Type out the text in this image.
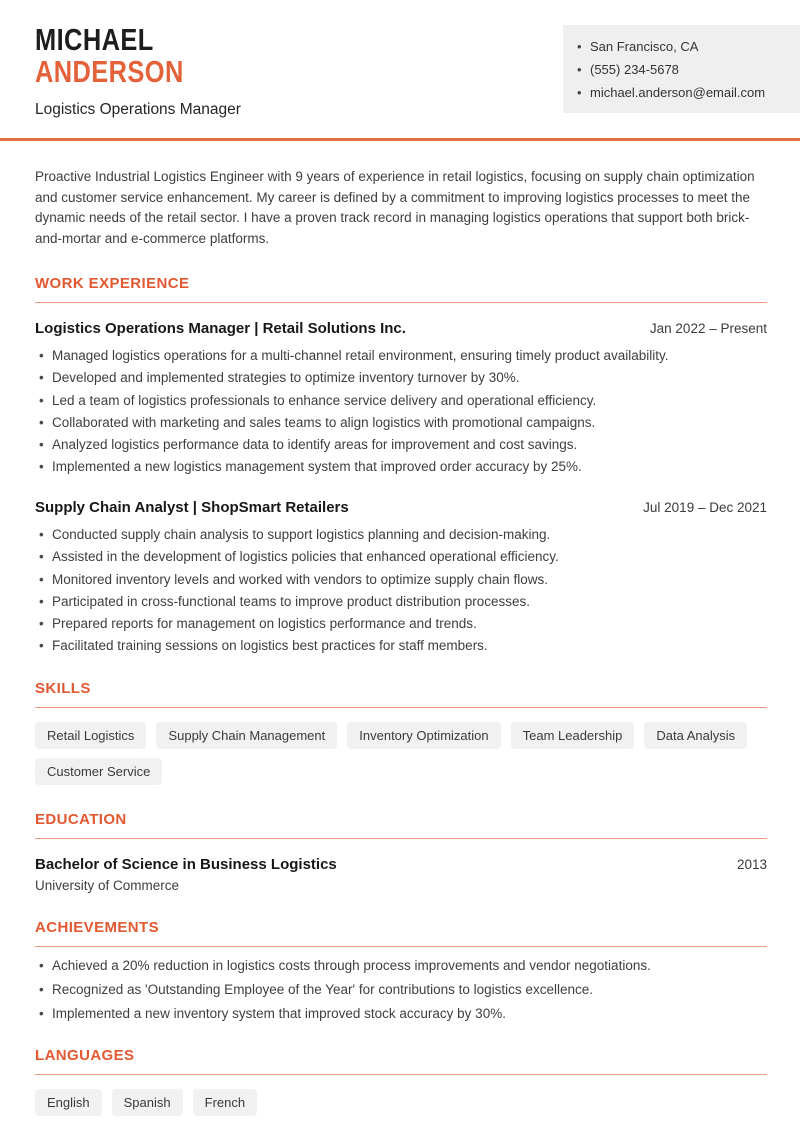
MICHAEL
ANDERSON
Logistics Operations Manager
• San Francisco, CA
• (555) 234-5678
• michael.anderson@email.com

Proactive Industrial Logistics Engineer with 9 years of experience in retail logistics, focusing on supply chain optimization and customer service enhancement. My career is defined by a commitment to improving logistics processes to meet the dynamic needs of the retail sector. I have a proven track record in managing logistics operations that support both brick-and-mortar and e-commerce platforms.

WORK EXPERIENCE
Logistics Operations Manager | Retail Solutions Inc.	Jan 2022 – Present
• Managed logistics operations for a multi-channel retail environment, ensuring timely product availability.
• Developed and implemented strategies to optimize inventory turnover by 30%.
• Led a team of logistics professionals to enhance service delivery and operational efficiency.
• Collaborated with marketing and sales teams to align logistics with promotional campaigns.
• Analyzed logistics performance data to identify areas for improvement and cost savings.
• Implemented a new logistics management system that improved order accuracy by 25%.
Supply Chain Analyst | ShopSmart Retailers	Jul 2019 – Dec 2021
• Conducted supply chain analysis to support logistics planning and decision-making.
• Assisted in the development of logistics policies that enhanced operational efficiency.
• Monitored inventory levels and worked with vendors to optimize supply chain flows.
• Participated in cross-functional teams to improve product distribution processes.
• Prepared reports for management on logistics performance and trends.
• Facilitated training sessions on logistics best practices for staff members.
SKILLS
Retail Logistics	Supply Chain Management	Inventory Optimization	Team Leadership	Data Analysis
Customer Service
EDUCATION
Bachelor of Science in Business Logistics	2013
University of Commerce
ACHIEVEMENTS
• Achieved a 20% reduction in logistics costs through process improvements and vendor negotiations.
• Recognized as 'Outstanding Employee of the Year' for contributions to logistics excellence.
• Implemented a new inventory system that improved stock accuracy by 30%.
LANGUAGES
English	Spanish	French
